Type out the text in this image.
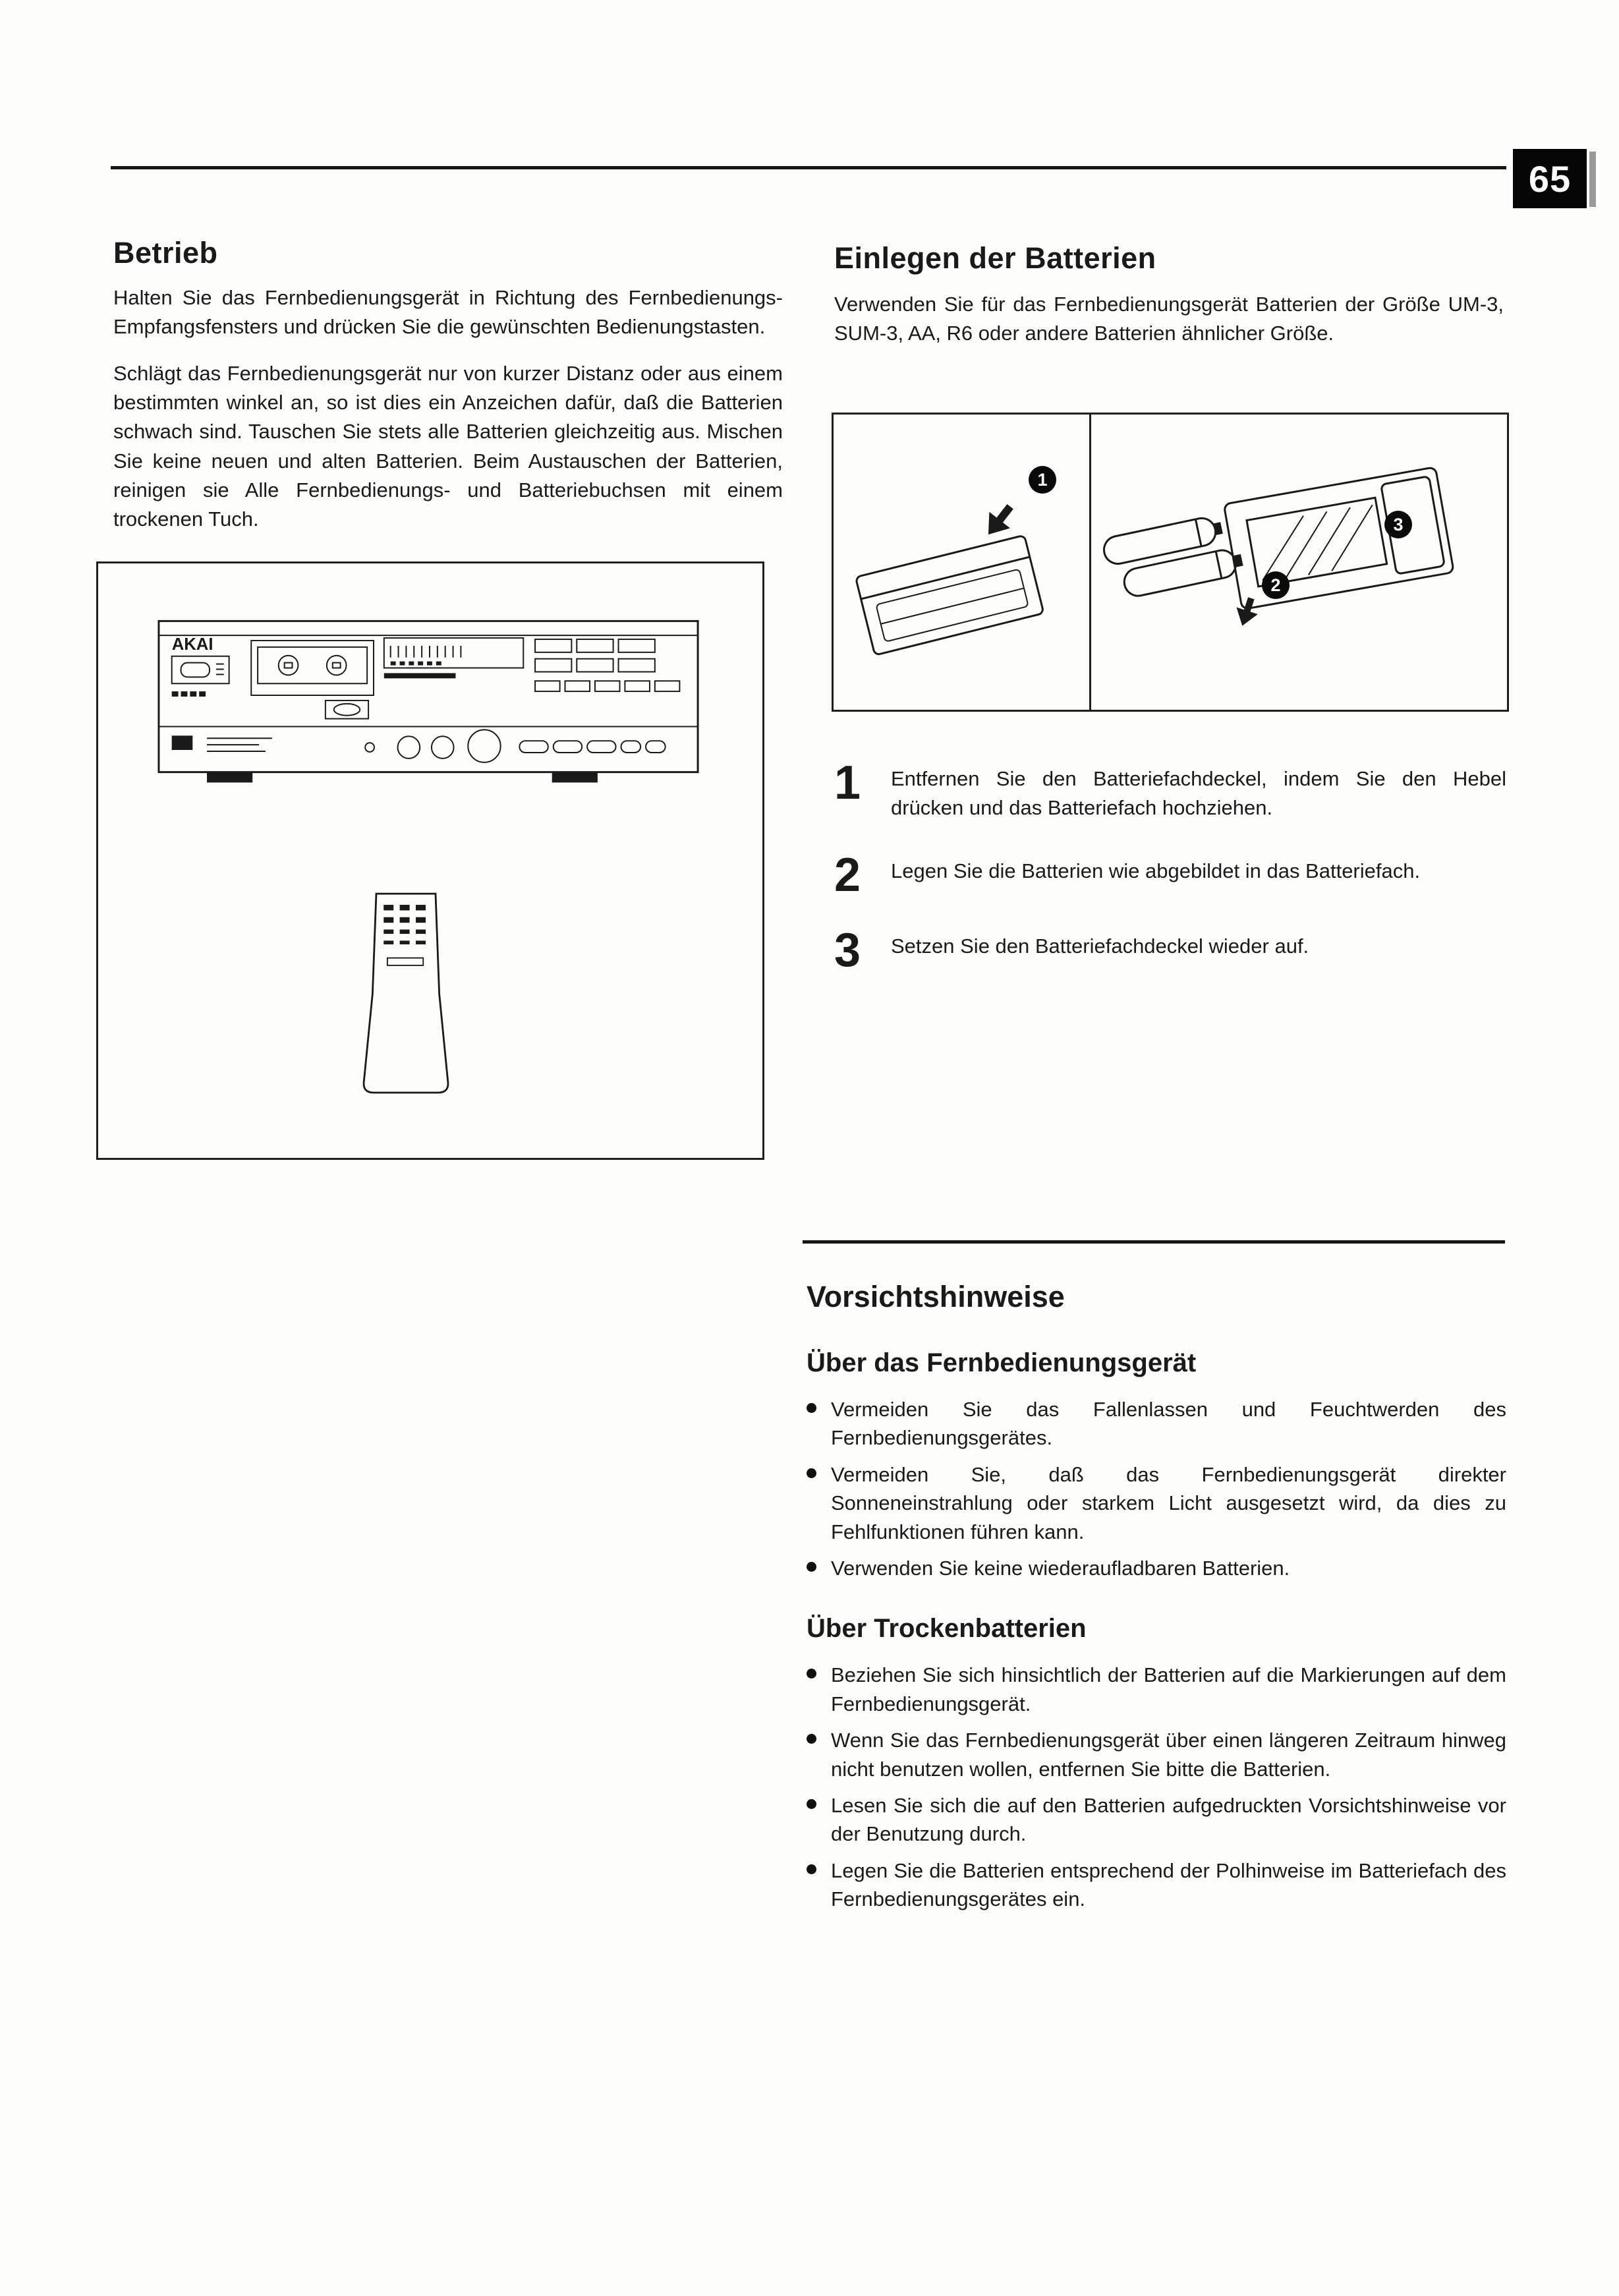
65
Betrieb

Halten Sie das Fernbedienungsgerät in Richtung des Fernbedienungs-Empfangsfensters und drücken Sie die gewünschten Bedienungstasten.

Schlägt das Fernbedienungsgerät nur von kurzer Distanz oder aus einem bestimmten winkel an, so ist dies ein Anzeichen dafür, daß die Batterien schwach sind. Tauschen Sie stets alle Batterien gleichzeitig aus. Mischen Sie keine neuen und alten Batterien. Beim Austauschen der Batterien, reinigen sie Alle Fernbedienungs- und Batteriebuchsen mit einem trockenen Tuch.

AKAI
Einlegen der Batterien

Verwenden Sie für das Fernbedienungsgerät Batterien der Größe UM-3, SUM-3, AA, R6 oder andere Batterien ähnlicher Größe.

1
2
3
1	Entfernen Sie den Batteriefachdeckel, indem Sie den Hebel drücken und das Batteriefach hochziehen.
2	Legen Sie die Batterien wie abgebildet in das Batteriefach.
3	Setzen Sie den Batteriefachdeckel wieder auf.
Vorsichtshinweise
Über das Fernbedienungsgerät
Vermeiden Sie das Fallenlassen und Feuchtwerden des Fernbedienungsgerätes.
Vermeiden Sie, daß das Fernbedienungsgerät direkter Sonneneinstrahlung oder starkem Licht ausgesetzt wird, da dies zu Fehlfunktionen führen kann.
Verwenden Sie keine wiederaufladbaren Batterien.
Über Trockenbatterien
Beziehen Sie sich hinsichtlich der Batterien auf die Markierungen auf dem Fernbedienungsgerät.
Wenn Sie das Fernbedienungsgerät über einen längeren Zeitraum hinweg nicht benutzen wollen, entfernen Sie bitte die Batterien.
Lesen Sie sich die auf den Batterien aufgedruckten Vorsichtshinweise vor der Benutzung durch.
Legen Sie die Batterien entsprechend der Polhinweise im Batteriefach des Fernbedienungsgerätes ein.
